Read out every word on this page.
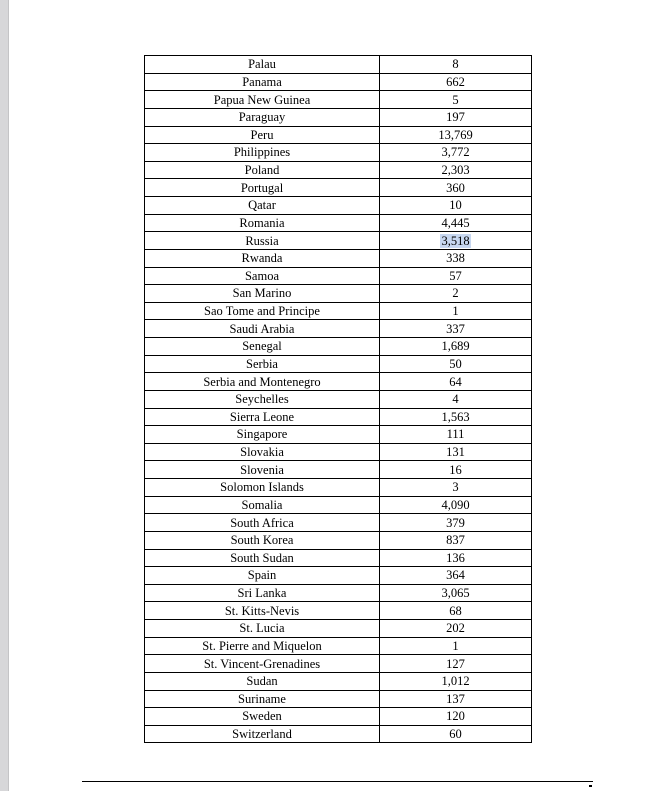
Palau	8
Panama	662
Papua New Guinea	5
Paraguay	197
Peru	13,769
Philippines	3,772
Poland	2,303
Portugal	360
Qatar	10
Romania	4,445
Russia	3,518
Rwanda	338
Samoa	57
San Marino	2
Sao Tome and Principe	1
Saudi Arabia	337
Senegal	1,689
Serbia	50
Serbia and Montenegro	64
Seychelles	4
Sierra Leone	1,563
Singapore	111
Slovakia	131
Slovenia	16
Solomon Islands	3
Somalia	4,090
South Africa	379
South Korea	837
South Sudan	136
Spain	364
Sri Lanka	3,065
St. Kitts-Nevis	68
St. Lucia	202
St. Pierre and Miquelon	1
St. Vincent-Grenadines	127
Sudan	1,012
Suriname	137
Sweden	120
Switzerland	60
